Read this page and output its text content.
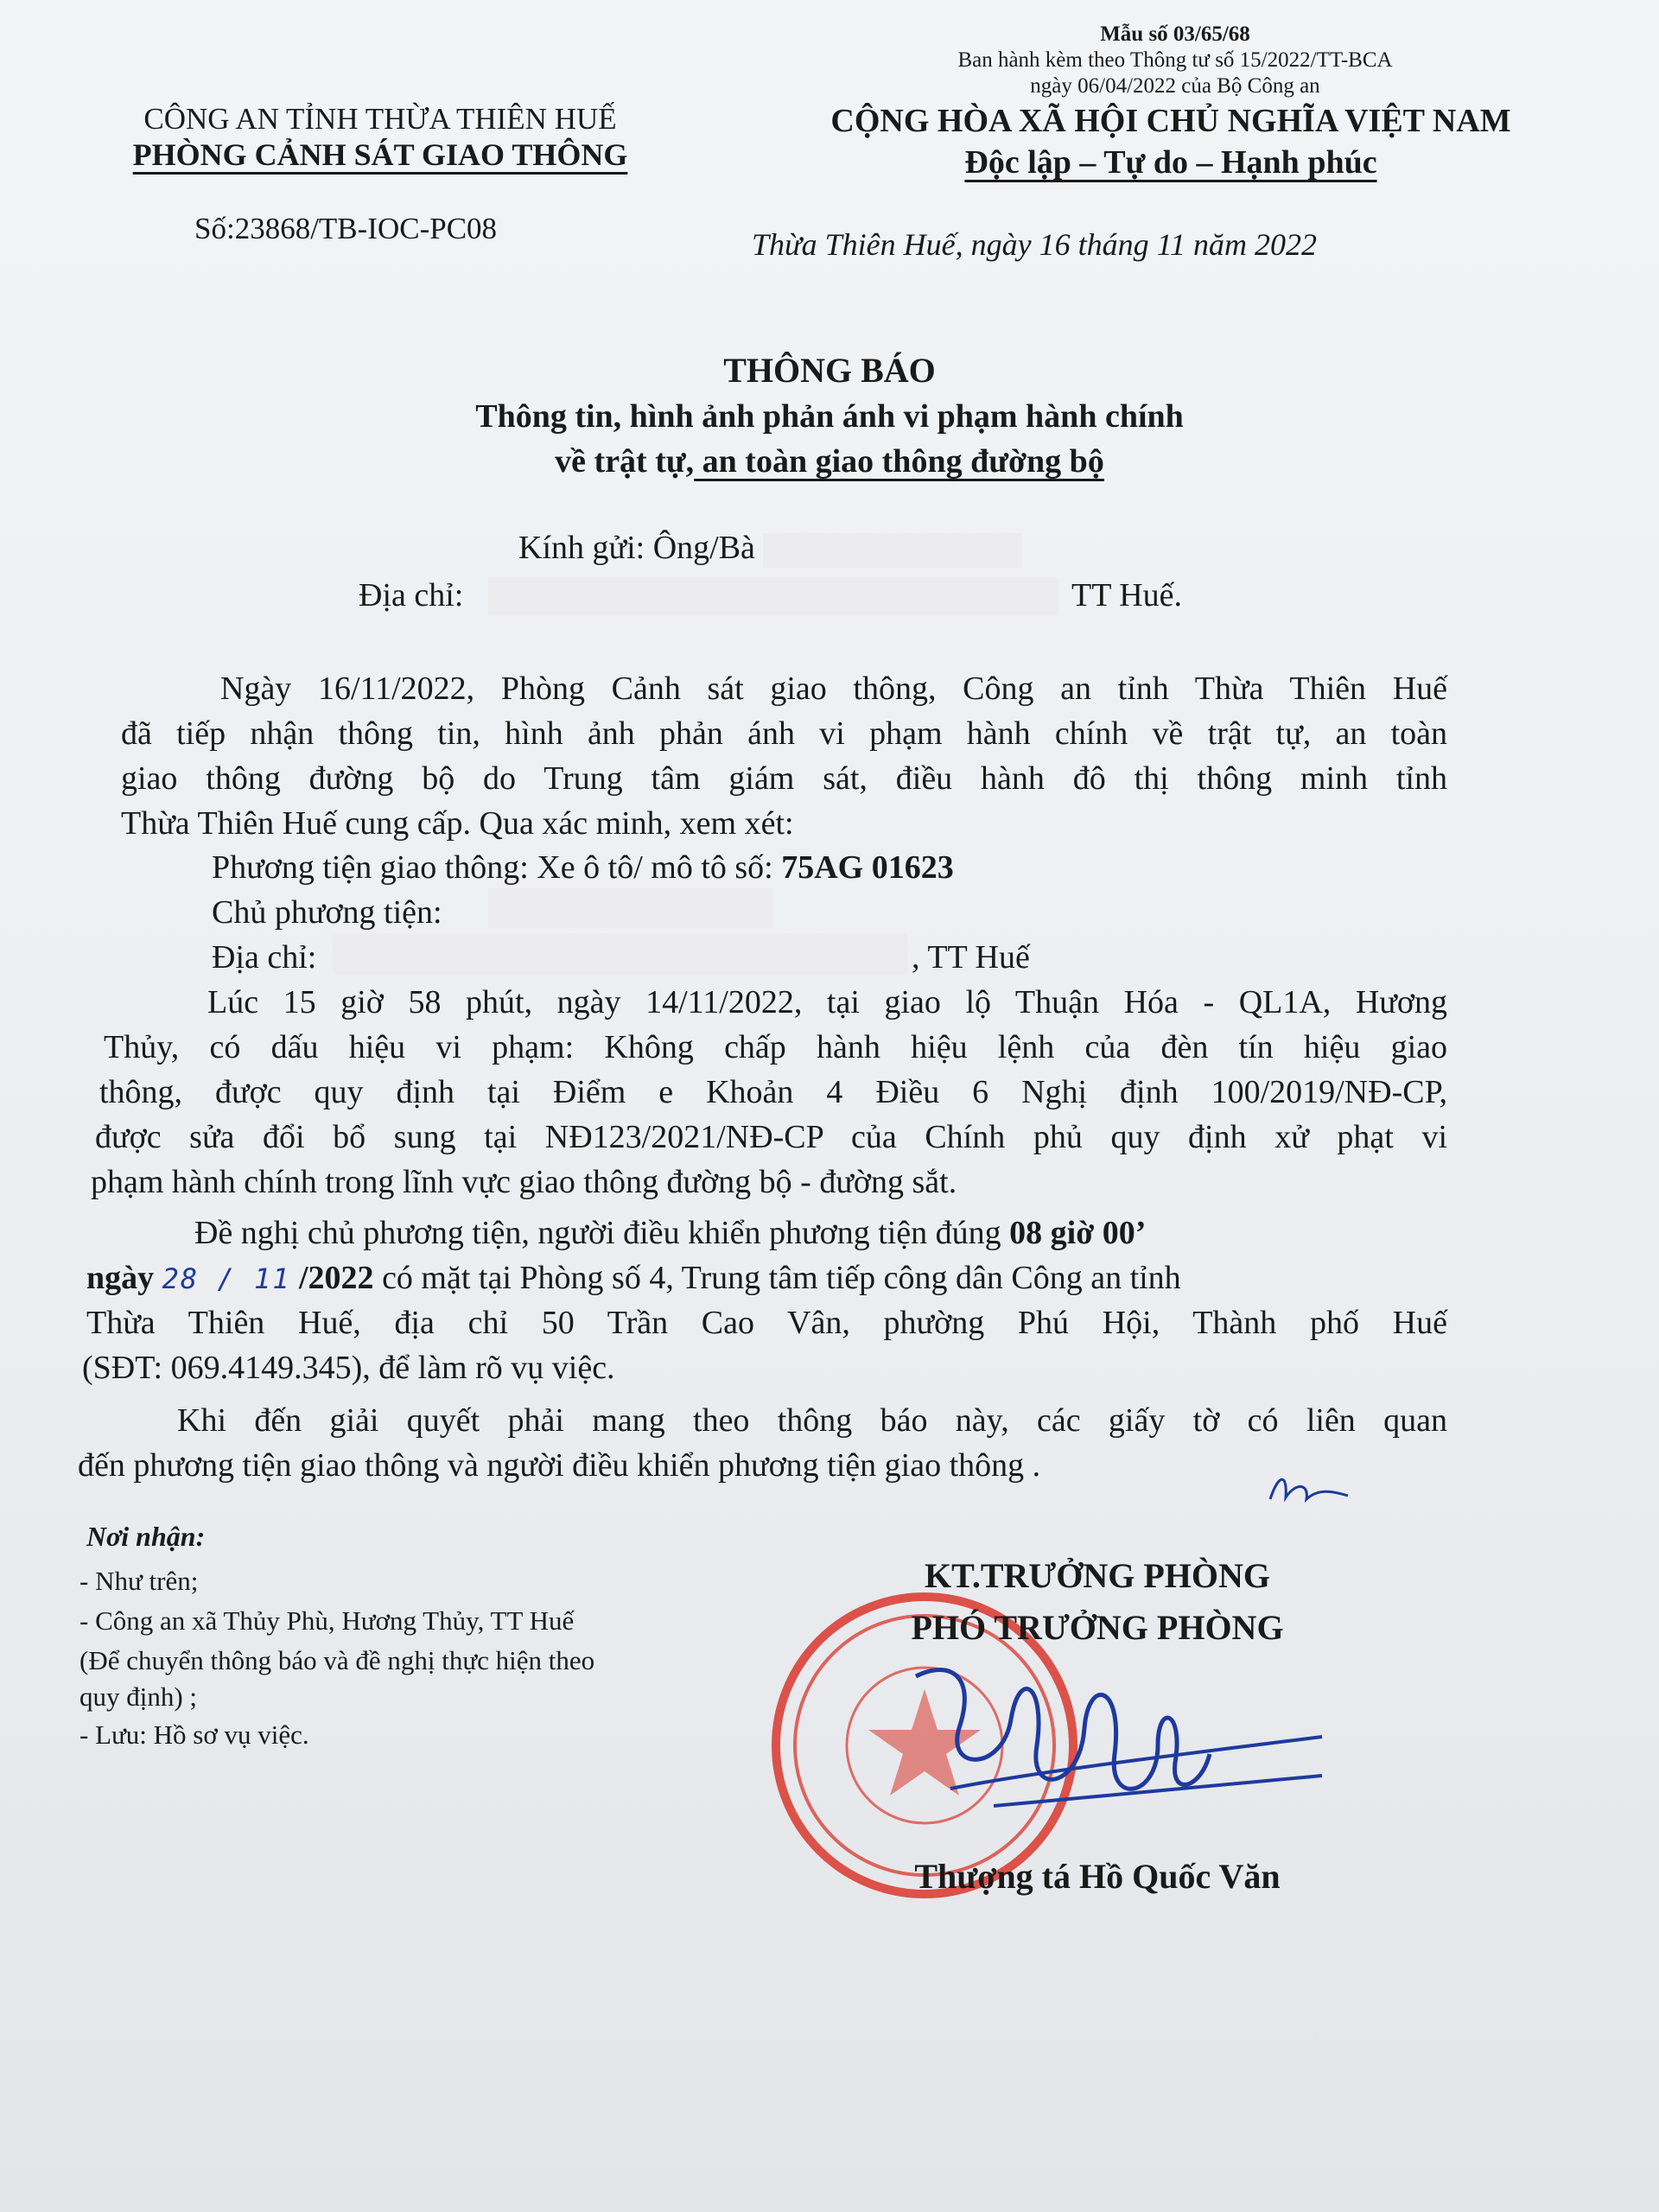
Mẫu số 03/65/68
Ban hành kèm theo Thông tư số 15/2022/TT-BCA
ngày 06/04/2022 của Bộ Công an
CÔNG AN TỈNH THỪA THIÊN HUẾ
PHÒNG CẢNH SÁT GIAO THÔNG
Số:23868/TB-IOC-PC08
CỘNG HÒA XÃ HỘI CHỦ NGHĨA VIỆT NAM
Độc lập – Tự do – Hạnh phúc
Thừa Thiên Huế, ngày 16 tháng 11 năm 2022
THÔNG BÁO
Thông tin, hình ảnh phản ánh vi phạm hành chính
về trật tự, an toàn giao thông đường bộ
Kính gửi: Ông/Bà
Địa chỉ:	TT Huế.
Ngày 16/11/2022, Phòng Cảnh sát giao thông, Công an tỉnh Thừa Thiên Huế
đã tiếp nhận thông tin, hình ảnh phản ánh vi phạm hành chính về trật tự, an toàn
giao thông đường bộ do Trung tâm giám sát, điều hành đô thị thông minh tỉnh
Thừa Thiên Huế cung cấp. Qua xác minh, xem xét:
Phương tiện giao thông: Xe ô tô/ mô tô số: 75AG 01623
Chủ phương tiện:
Địa chỉ:	, TT Huế
Lúc 15 giờ 58 phút, ngày 14/11/2022, tại giao lộ Thuận Hóa - QL1A, Hương
Thủy, có dấu hiệu vi phạm: Không chấp hành hiệu lệnh của đèn tín hiệu giao
thông, được quy định tại Điểm e Khoản 4 Điều 6 Nghị định 100/2019/NĐ-CP,
được sửa đổi bổ sung tại NĐ123/2021/NĐ-CP của Chính phủ quy định xử phạt vi
phạm hành chính trong lĩnh vực giao thông đường bộ - đường sắt.
Đề nghị chủ phương tiện, người điều khiển phương tiện đúng 08 giờ 00’
ngày 28 / 11 /2022 có mặt tại Phòng số 4, Trung tâm tiếp công dân Công an tỉnh
Thừa Thiên Huế, địa chỉ 50 Trần Cao Vân, phường Phú Hội, Thành phố Huế
(SĐT: 069.4149.345), để làm rõ vụ việc.
Khi đến giải quyết phải mang theo thông báo này, các giấy tờ có liên quan
đến phương tiện giao thông và người điều khiển phương tiện giao thông .
Nơi nhận:
- Như trên;
- Công an xã Thủy Phù, Hương Thủy, TT Huế
(Để chuyển thông báo và đề nghị thực hiện theo
quy định) ;
- Lưu: Hồ sơ vụ việc.
KT.TRƯỞNG PHÒNG
PHÓ TRƯỞNG PHÒNG
Thượng tá Hồ Quốc Văn
